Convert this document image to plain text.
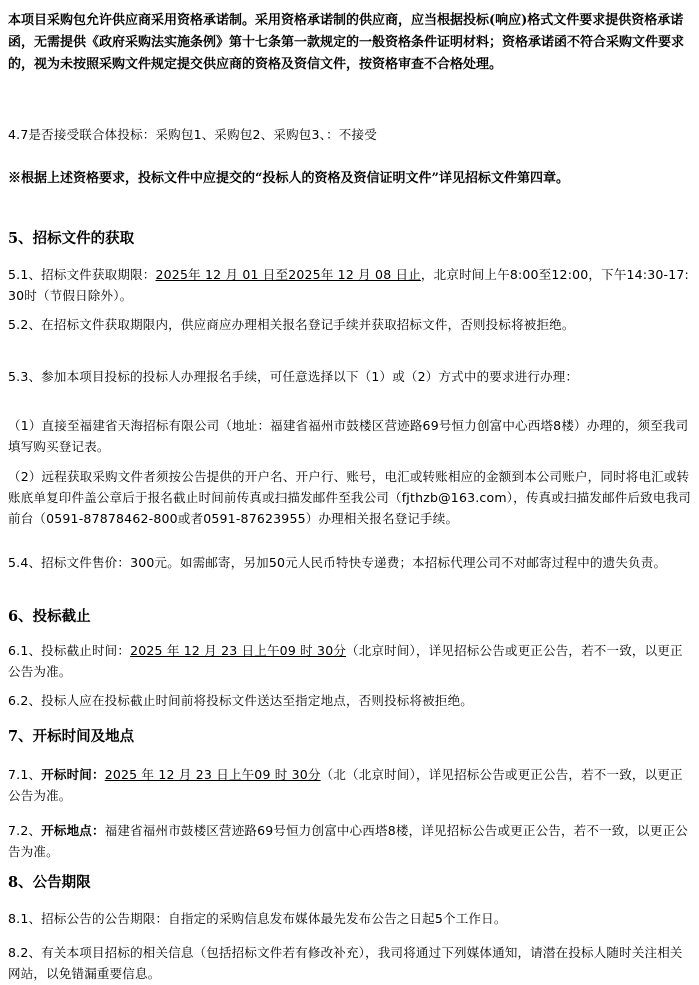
本项目采购包允许供应商采用资格承诺制。采用资格承诺制的供应商，应当根据投标(响应)格式文件要求提供资格承诺函，无需提供《政府采购法实施条例》第十七条第一款规定的一般资格条件证明材料；资格承诺函不符合采购文件要求的，视为未按照采购文件规定提交供应商的资格及资信文件，按资格审查不合格处理。

4.7是否接受联合体投标：采购包1、采购包2、采购包3、：不接受

※根据上述资格要求，投标文件中应提交的“投标人的资格及资信证明文件”详见招标文件第四章。

5、招标文件的获取

5.1、招标文件获取期限：2025年 12 月 01 日至2025年 12 月 08 日止，北京时间上午8:00至12:00，下午14:30-17: 30时（节假日除外）。

5.2、在招标文件获取期限内，供应商应办理相关报名登记手续并获取招标文件，否则投标将被拒绝。

5.3、参加本项目投标的投标人办理报名手续，可任意选择以下（1）或（2）方式中的要求进行办理：

（1）直接至福建省天海招标有限公司（地址：福建省福州市鼓楼区营迹路69号恒力创富中心西塔8楼）办理的，须至我司填写购买登记表。

（2）远程获取采购文件者须按公告提供的开户名、开户行、账号，电汇或转账相应的金额到本公司账户，同时将电汇或转账底单复印件盖公章后于报名截止时间前传真或扫描发邮件至我公司（fjthzb@163.com），传真或扫描发邮件后致电我司前台（0591-87878462-800或者0591-87623955）办理相关报名登记手续。

5.4、招标文件售价：300元。如需邮寄，另加50元人民币特快专递费；本招标代理公司不对邮寄过程中的遗失负责。

6、投标截止

6.1、投标截止时间：2025 年 12 月 23 日上午09 时 30分（北京时间），详见招标公告或更正公告，若不一致，以更正公告为准。

6.2、投标人应在投标截止时间前将投标文件送达至指定地点，否则投标将被拒绝。

7、开标时间及地点

7.1、开标时间：2025 年 12 月 23 日上午09 时 30分（北（北京时间），详见招标公告或更正公告，若不一致，以更正公告为准。

7.2、开标地点：福建省福州市鼓楼区营迹路69号恒力创富中心西塔8楼，详见招标公告或更正公告，若不一致，以更正公告为准。

8、公告期限

8.1、招标公告的公告期限：自指定的采购信息发布媒体最先发布公告之日起5个工作日。

8.2、有关本项目招标的相关信息（包括招标文件若有修改补充），我司将通过下列媒体通知，请潜在投标人随时关注相关网站，以免错漏重要信息。
